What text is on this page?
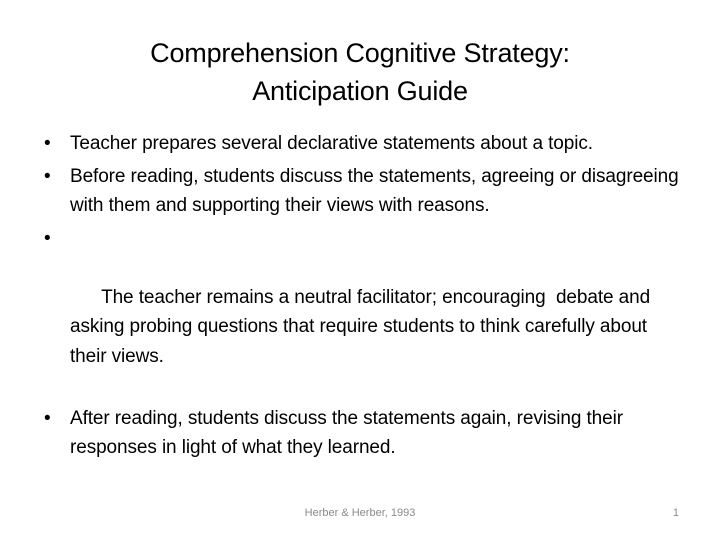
Comprehension Cognitive Strategy:
Anticipation Guide
• Teacher prepares several declarative statements about a topic.
• Before reading, students discuss the statements, agreeing or disagreeing with them and supporting their views with reasons.

•

The teacher remains a neutral facilitator; encouraging  debate and asking probing questions that require students to think carefully about their views.

• After reading, students discuss the statements again, revising their responses in light of what they learned.
Herber & Herber, 1993	1
